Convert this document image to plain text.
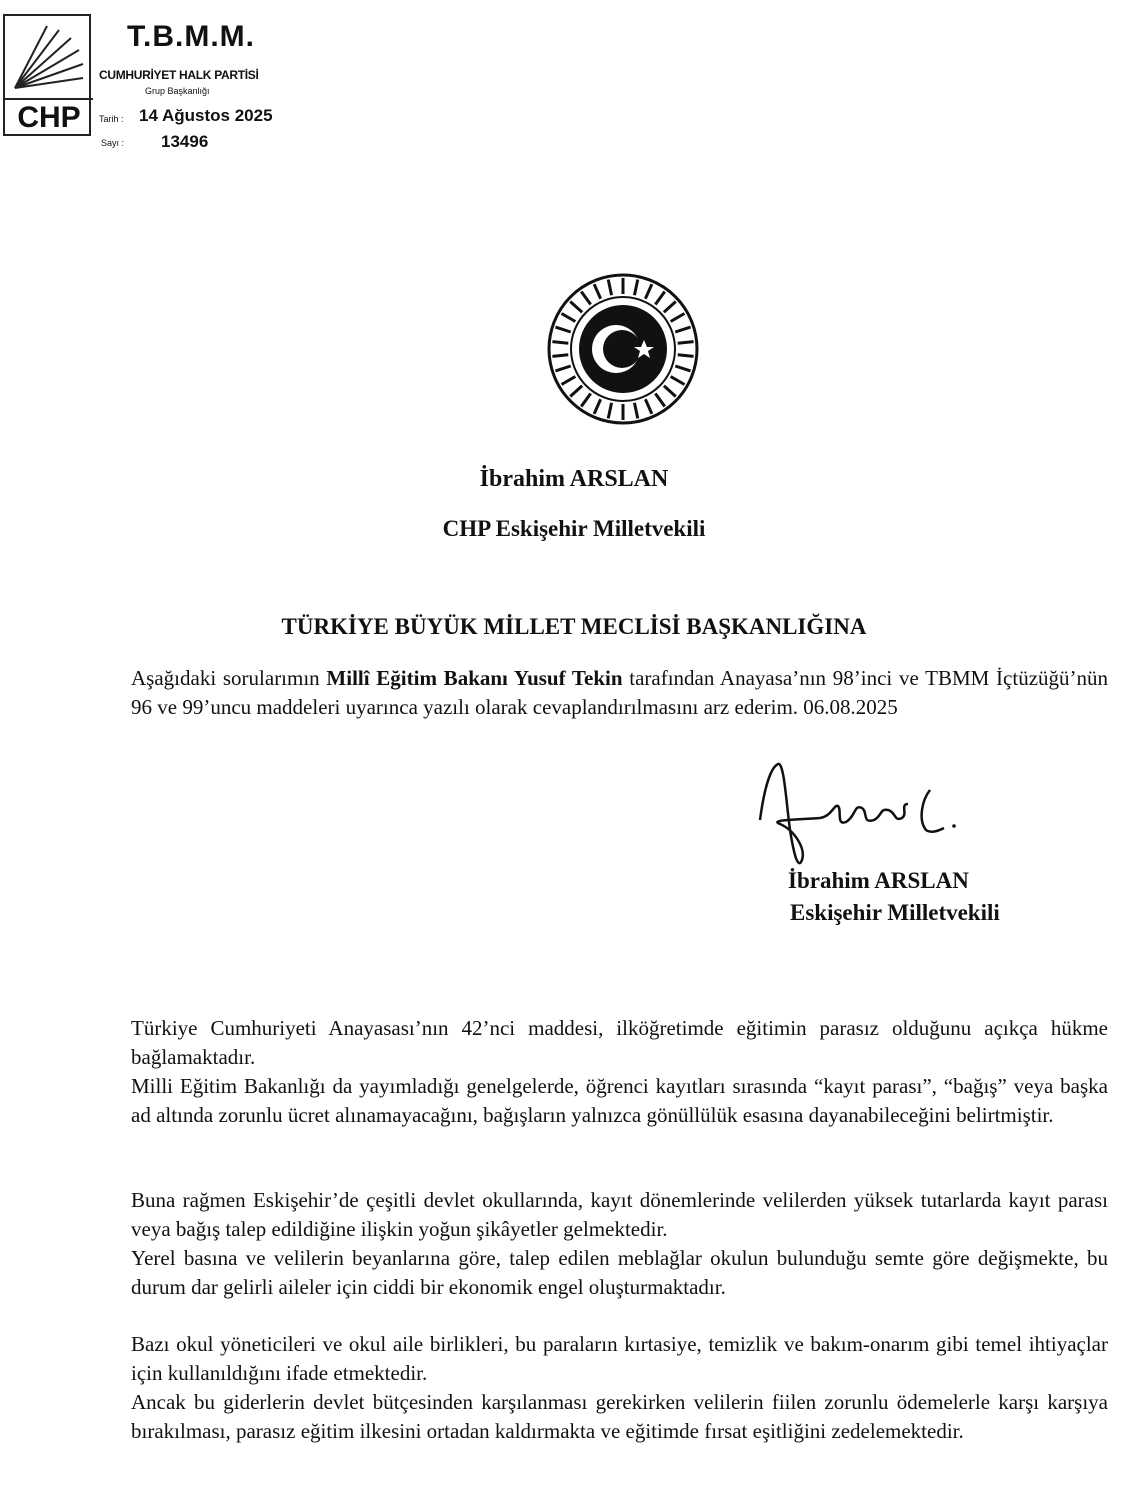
CHP
T.B.M.M.
CUMHURİYET HALK PARTİSİ
Grup Başkanlığı
Tarih : 14 Ağustos 2025
Sayı : 13496
İbrahim ARSLAN
CHP Eskişehir Milletvekili
TÜRKİYE BÜYÜK MİLLET MECLİSİ BAŞKANLIĞINA

Aşağıdaki sorularımın Millî Eğitim Bakanı Yusuf Tekin tarafından Anayasa’nın 98’inci ve TBMM İçtüzüğü’nün 96 ve 99’uncu maddeleri uyarınca yazılı olarak cevaplandırılmasını arz ederim. 06.08.2025

İbrahim ARSLAN
Eskişehir Milletvekili

Türkiye Cumhuriyeti Anayasası’nın 42’nci maddesi, ilköğretimde eğitimin parasız olduğunu açıkça hükme bağlamaktadır.

Milli Eğitim Bakanlığı da yayımladığı genelgelerde, öğrenci kayıtları sırasında “kayıt parası”, “bağış” veya başka ad altında zorunlu ücret alınamayacağını, bağışların yalnızca gönüllülük esasına dayanabileceğini belirtmiştir.

Buna rağmen Eskişehir’de çeşitli devlet okullarında, kayıt dönemlerinde velilerden yüksek tutarlarda kayıt parası veya bağış talep edildiğine ilişkin yoğun şikâyetler gelmektedir.

Yerel basına ve velilerin beyanlarına göre, talep edilen meblağlar okulun bulunduğu semte göre değişmekte, bu durum dar gelirli aileler için ciddi bir ekonomik engel oluşturmaktadır.

Bazı okul yöneticileri ve okul aile birlikleri, bu paraların kırtasiye, temizlik ve bakım-onarım gibi temel ihtiyaçlar için kullanıldığını ifade etmektedir.

Ancak bu giderlerin devlet bütçesinden karşılanması gerekirken velilerin fiilen zorunlu ödemelerle karşı karşıya bırakılması, parasız eğitim ilkesini ortadan kaldırmakta ve eğitimde fırsat eşitliğini zedelemektedir.
